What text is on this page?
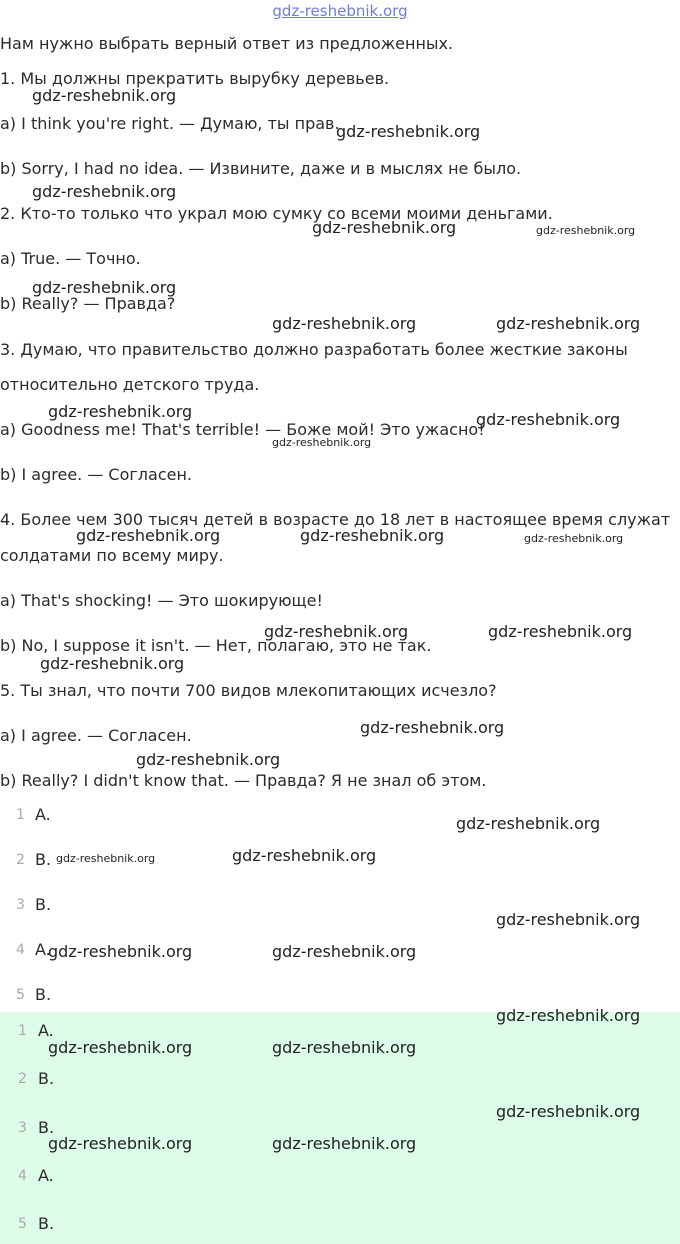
gdz-reshebnik.org
Нам нужно выбрать верный ответ из предложенных.
1. Мы должны прекратить вырубку деревьев.
a) I think you're right. — Думаю, ты прав.
b) Sorry, I had no idea. — Извините, даже и в мыслях не было.
2. Кто-то только что украл мою сумку со всеми моими деньгами.
a) True. — Точно.
b) Really? — Правда?
3. Думаю, что правительство должно разработать более жесткие законы
относительно детского труда.
a) Goodness me! That's terrible! — Боже мой! Это ужасно!
b) I agree. — Согласен.
4. Более чем 300 тысяч детей в возрасте до 18 лет в настоящее время служат
солдатами по всему миру.
a) That's shocking! — Это шокирующе!
b) No, I suppose it isn't. — Нет, полагаю, это не так.
5. Ты знал, что почти 700 видов млекопитающих исчезло?
a) I agree. — Согласен.
b) Really? I didn't know that. — Правда? Я не знал об этом.
1 A.
2 B.
3 B.
4 A.
5 B.
1 A.
2 B.
3 B.
4 A.
5 B.
gdz-reshebnik.org
gdz-reshebnik.org
gdz-reshebnik.org
gdz-reshebnik.org	gdz-reshebnik.org
gdz-reshebnik.org
gdz-reshebnik.org	gdz-reshebnik.org
gdz-reshebnik.org	gdz-reshebnik.org
gdz-reshebnik.org
gdz-reshebnik.org	gdz-reshebnik.org	gdz-reshebnik.org
gdz-reshebnik.org	gdz-reshebnik.org
gdz-reshebnik.org
gdz-reshebnik.org
gdz-reshebnik.org
gdz-reshebnik.org
gdz-reshebnik.org	gdz-reshebnik.org
gdz-reshebnik.org
gdz-reshebnik.org	gdz-reshebnik.org
gdz-reshebnik.org
gdz-reshebnik.org	gdz-reshebnik.org
gdz-reshebnik.org
gdz-reshebnik.org	gdz-reshebnik.org
